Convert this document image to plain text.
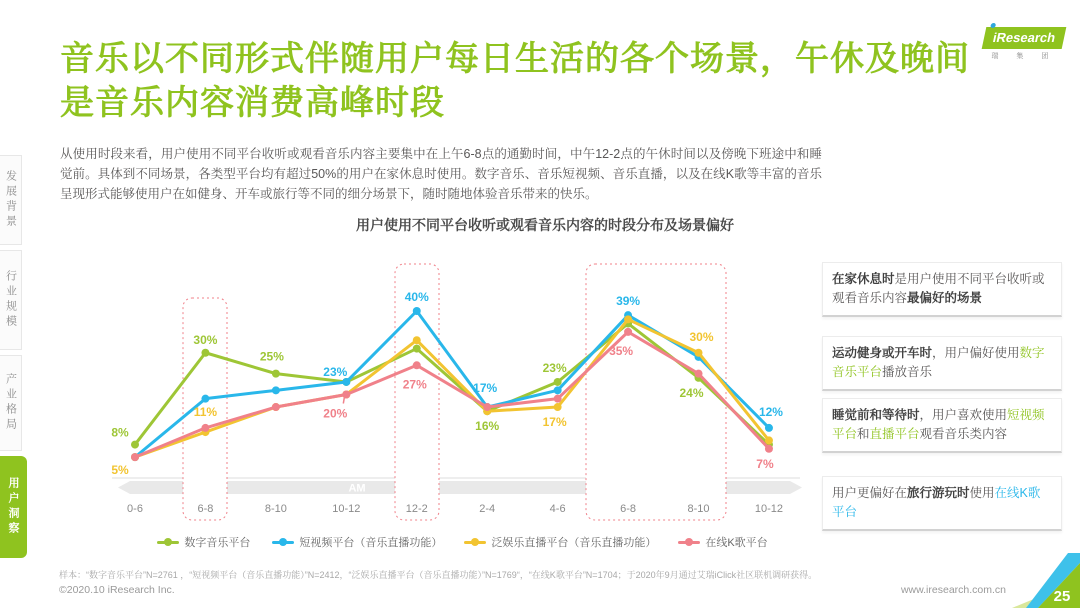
发展背景
行业规模
产业格局
用户洞察
音乐以不同形式伴随用户每日生活的各个场景，午休及晚间
是音乐内容消费高峰时段
iResearch
瑞 集 团

从使用时段来看，用户使用不同平台收听或观看音乐内容主要集中在上午6-8点的通勤时间，中午12-2点的午休时间以及傍晚下班途中和睡觉前。具体到不同场景，各类型平台均有超过50%的用户在家休息时使用。数字音乐、音乐短视频、音乐直播，以及在线K歌等丰富的音乐呈现形式能够使用户在如健身、开车或旅行等不同的细分场景下，随时随地体验音乐带来的快乐。

用户使用不同平台收听或观看音乐内容的时段分布及场景偏好
AM
8%
5%
30%
11%
25%
23%
20%
40%
27%	17%
16%
23%
17%
39%
35%
30%
24%
12%
7%
0-6	6-8	8-10	10-12	12-2	2-4	4-6	6-8	8-10	10-12
数字音乐平台	短视频平台（音乐直播功能）	泛娱乐直播平台（音乐直播功能）	在线K歌平台
在家休息时是用户使用不同平台收听或观看音乐内容最偏好的场景
运动健身或开车时，用户偏好使用数字音乐平台播放音乐
睡觉前和等待时，用户喜欢使用短视频平台和直播平台观看音乐类内容
用户更偏好在旅行游玩时使用在线K歌平台
样本：“数字音乐平台”N=2761 ，“短视频平台（音乐直播功能）”N=2412，“泛娱乐直播平台（音乐直播功能）”N=1769“，“在线K歌平台”N=1704；于2020年9月通过艾瑞iClick社区联机调研获得。
©2020.10 iResearch Inc.	www.iresearch.com.cn	25
